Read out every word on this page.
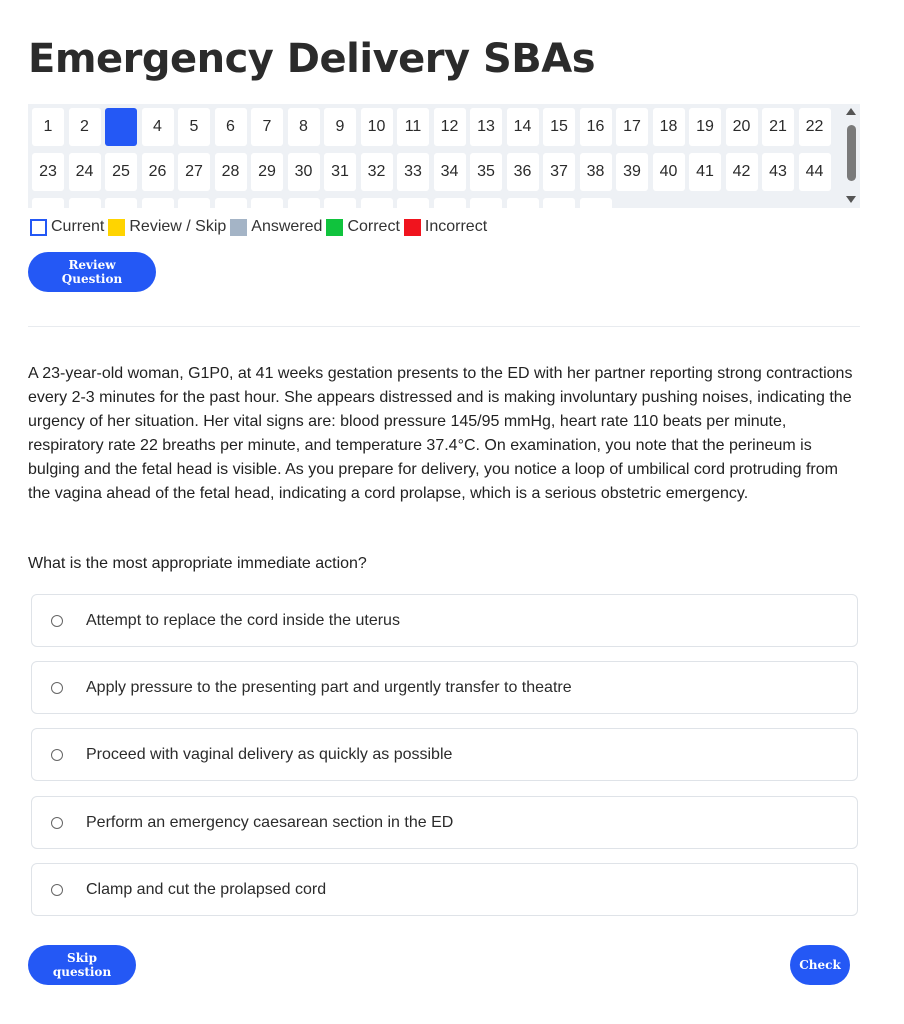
Emergency Delivery SBAs
1	2	4	5	6	7	8	9	10	11	12	13	14	15	16	17	18	19	20	21	22
23	24	25	26	27	28	29	30	31	32	33	34	35	36	37	38	39	40	41	42	43	44
Current Review / Skip Answered Correct Incorrect
Review Question

A 23-year-old woman, G1P0, at 41 weeks gestation presents to the ED with her partner reporting strong contractions every 2-3 minutes for the past hour. She appears distressed and is making involuntary pushing noises, indicating the urgency of her situation. Her vital signs are: blood pressure 145/95 mmHg, heart rate 110 beats per minute, respiratory rate 22 breaths per minute, and temperature 37.4°C. On examination, you note that the perineum is bulging and the fetal head is visible. As you prepare for delivery, you notice a loop of umbilical cord protruding from the vagina ahead of the fetal head, indicating a cord prolapse, which is a serious obstetric emergency.

What is the most appropriate immediate action?

Attempt to replace the cord inside the uterus
Apply pressure to the presenting part and urgently transfer to theatre
Proceed with vaginal delivery as quickly as possible
Perform an emergency caesarean section in the ED
Clamp and cut the prolapsed cord
Skip question	Check
